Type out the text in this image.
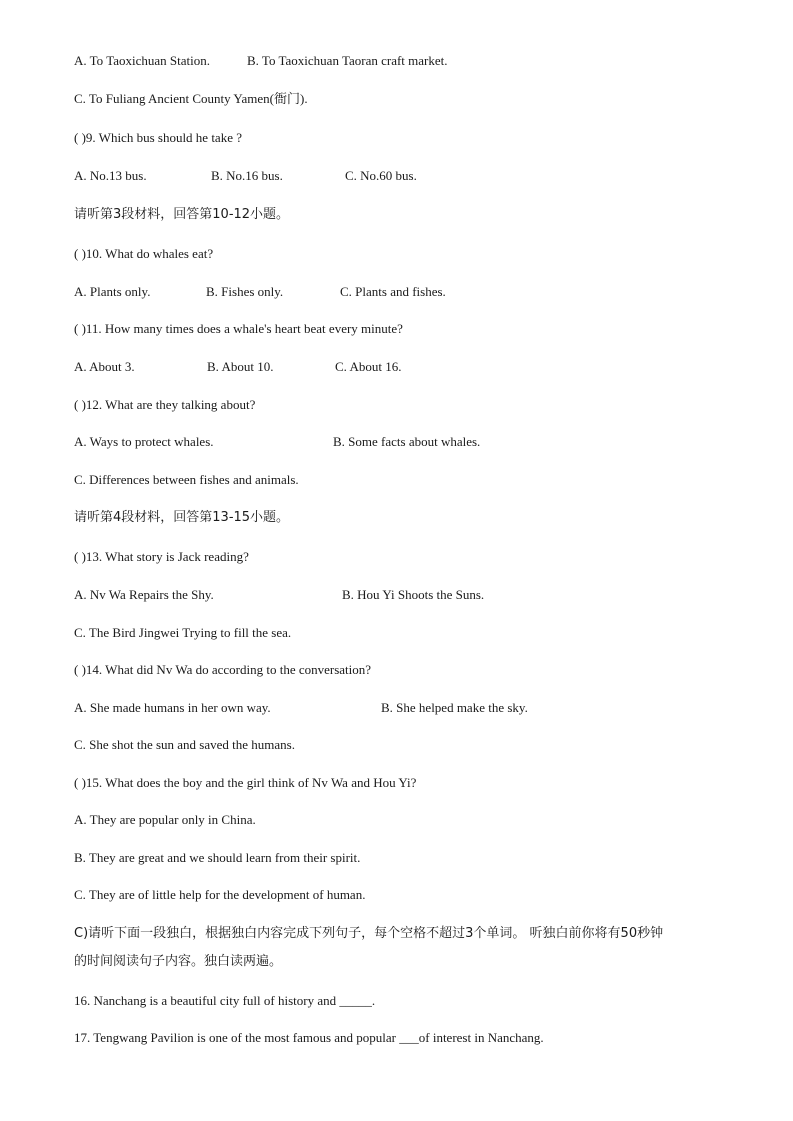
A. To Taoxichuan Station.	B. To Taoxichuan Taoran craft market.
C. To Fuliang Ancient County Yamen(衙门).
( )9. Which bus should he take ?
A. No.13 bus.	B. No.16 bus.	C. No.60 bus.
请听第3段材料，回答第10-12小题。
( )10. What do whales eat?
A. Plants only.	B. Fishes only.	C. Plants and fishes.
( )11. How many times does a whale's heart beat every minute?
A. About 3.	B. About 10.	C. About 16.
( )12. What are they talking about?
A. Ways to protect whales.	B. Some facts about whales.
C. Differences between fishes and animals.
请听第4段材料，回答第13-15小题。
( )13. What story is Jack reading?
A. Nv Wa Repairs the Shy.	B. Hou Yi Shoots the Suns.
C. The Bird Jingwei Trying to fill the sea.
( )14. What did Nv Wa do according to the conversation?
A. She made humans in her own way.	B. She helped make the sky.
C. She shot the sun and saved the humans.
( )15. What does the boy and the girl think of Nv Wa and Hou Yi?
A. They are popular only in China.
B. They are great and we should learn from their spirit.
C. They are of little help for the development of human.
C)请听下面一段独白，根据独白内容完成下列句子，每个空格不超过3个单词。 听独白前你将有50秒钟
的时间阅读句子内容。独白读两遍。
16. Nanchang is a beautiful city full of history and _____.
17. Tengwang Pavilion is one of the most famous and popular ___of interest in Nanchang.
